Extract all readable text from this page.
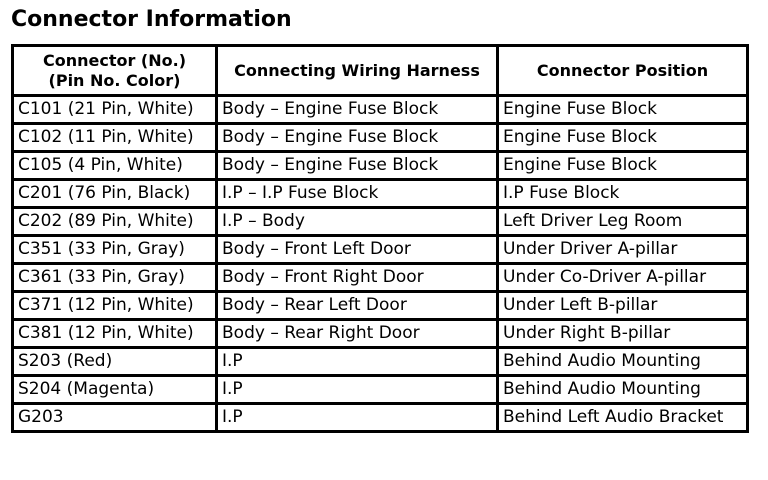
Connector Information
Connector (No.)
(Pin No. Color)	Connecting Wiring Harness	Connector Position

C101 (21 Pin, White)	Body – Engine Fuse Block	Engine Fuse Block
C102 (11 Pin, White)	Body – Engine Fuse Block	Engine Fuse Block
C105 (4 Pin, White)	Body – Engine Fuse Block	Engine Fuse Block
C201 (76 Pin, Black)	I.P – I.P Fuse Block	I.P Fuse Block
C202 (89 Pin, White)	I.P – Body	Left Driver Leg Room
C351 (33 Pin, Gray)	Body – Front Left Door	Under Driver A-pillar
C361 (33 Pin, Gray)	Body – Front Right Door	Under Co-Driver A-pillar
C371 (12 Pin, White)	Body – Rear Left Door	Under Left B-pillar
C381 (12 Pin, White)	Body – Rear Right Door	Under Right B-pillar
S203 (Red)	I.P	Behind Audio Mounting
S204 (Magenta)	I.P	Behind Audio Mounting
G203	I.P	Behind Left Audio Bracket
